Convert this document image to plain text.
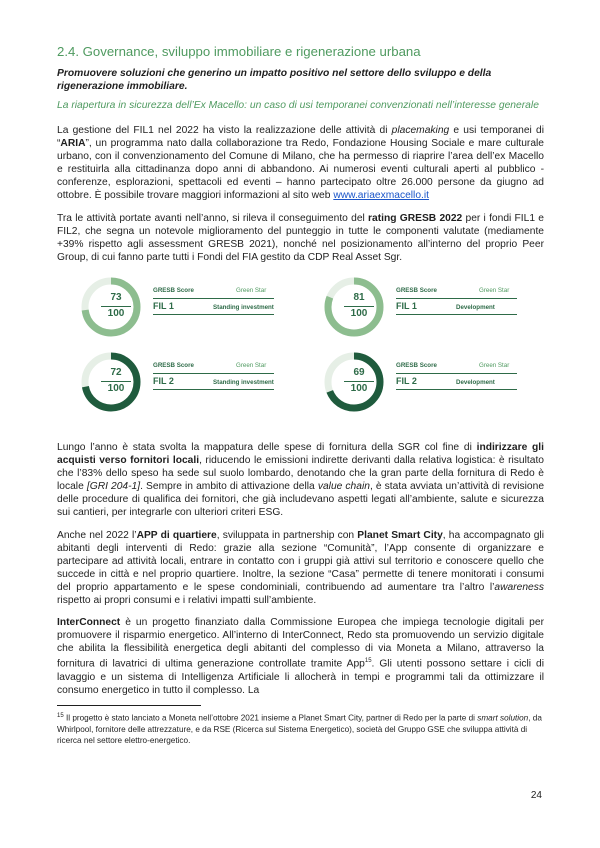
2.4. Governance, sviluppo immobiliare e rigenerazione urbana

Promuovere soluzioni che generino un impatto positivo nel settore dello sviluppo e della rigenerazione immobiliare.

La riapertura in sicurezza dell’Ex Macello: un caso di usi temporanei convenzionati nell’interesse generale

La gestione del FIL1 nel 2022 ha visto la realizzazione delle attività di placemaking e usi temporanei di “ARIA”, un programma nato dalla collaborazione tra Redo, Fondazione Housing Sociale e mare culturale urbano, con il convenzionamento del Comune di Milano, che ha permesso di riaprire l’area dell’ex Macello e restituirla alla cittadinanza dopo anni di abbandono. Ai numerosi eventi culturali aperti al pubblico - conferenze, esplorazioni, spettacoli ed eventi – hanno partecipato oltre 26.000 persone da giugno ad ottobre. È possibile trovare maggiori informazioni al sito web www.ariaexmacello.it

Tra le attività portate avanti nell’anno, si rileva il conseguimento del rating GRESB 2022 per i fondi FIL1 e FIL2, che segna un notevole miglioramento del punteggio in tutte le componenti valutate (mediamente +39% rispetto agli assessment GRESB 2021), nonché nel posizionamento all’interno del proprio Peer Group, di cui fanno parte tutti i Fondi del FIA gestito da CDP Real Asset Sgr.

73
100
GRESB Score	Green Star
FIL 1	Standing investment
81
100
GRESB Score	Green Star
FIL 1	Development
72
100
GRESB Score	Green Star
FIL 2	Standing investment
69
100
GRESB Score	Green Star
FIL 2	Development

Lungo l’anno è stata svolta la mappatura delle spese di fornitura della SGR col fine di indirizzare gli acquisti verso fornitori locali, riducendo le emissioni indirette derivanti dalla relativa logistica: è risultato che l’83% dello speso ha sede sul suolo lombardo, denotando che la gran parte della fornitura di Redo è locale [GRI 204-1]. Sempre in ambito di attivazione della value chain, è stata avviata un’attività di revisione delle procedure di qualifica dei fornitori, che già includevano aspetti legati all’ambiente, salute e sicurezza sui cantieri, per integrarle con ulteriori criteri ESG.

Anche nel 2022 l’APP di quartiere, sviluppata in partnership con Planet Smart City, ha accompagnato gli abitanti degli interventi di Redo: grazie alla sezione “Comunità”, l’App consente di organizzare e partecipare ad attività locali, entrare in contatto con i gruppi già attivi sul territorio e conoscere quello che succede in città e nel proprio quartiere. Inoltre, la sezione “Casa” permette di tenere monitorati i consumi del proprio appartamento e le spese condominiali, contribuendo ad aumentare tra l’altro l’awareness rispetto ai propri consumi e i relativi impatti sull’ambiente.

InterConnect è un progetto finanziato dalla Commissione Europea che impiega tecnologie digitali per promuovere il risparmio energetico. All’interno di InterConnect, Redo sta promuovendo un servizio digitale che abilita la flessibilità energetica degli abitanti del complesso di via Moneta a Milano, attraverso la fornitura di lavatrici di ultima generazione controllate tramite App$^{15}$. Gli utenti possono settare i cicli di lavaggio e un sistema di Intelligenza Artificiale li allocherà in tempi e programmi tali da ottimizzare il consumo energetico in tutto il complesso. La

$^{15}$ Il progetto è stato lanciato a Moneta nell’ottobre 2021 insieme a Planet Smart City, partner di Redo per la parte di smart solution, da Whirlpool, fornitore delle attrezzature, e da RSE (Ricerca sul Sistema Energetico), società del Gruppo GSE che sviluppa attività di ricerca nel settore elettro-energetico.

24
